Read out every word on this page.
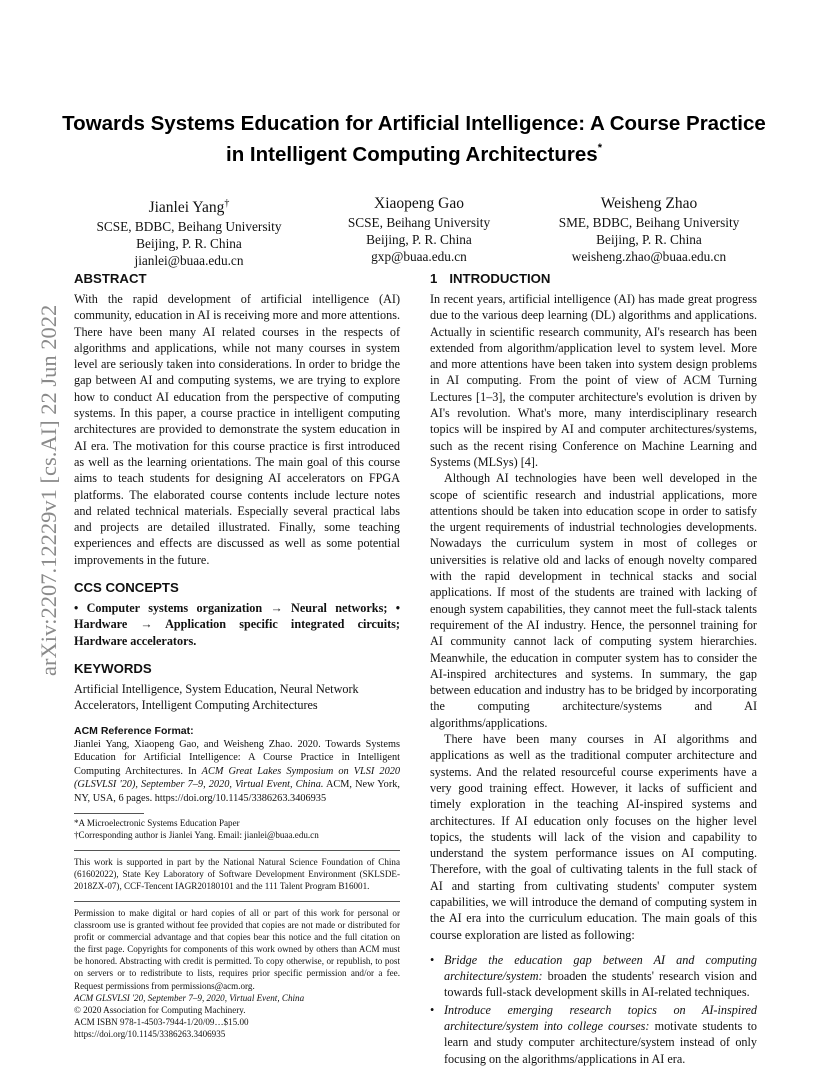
arXiv:2207.12229v1 [cs.AI] 22 Jun 2022
Towards Systems Education for Artificial Intelligence: A Course Practice in Intelligent Computing Architectures*
Jianlei Yang†
SCSE, BDBC, Beihang University
Beijing, P. R. China
jianlei@buaa.edu.cn
Xiaopeng Gao
SCSE, Beihang University
Beijing, P. R. China
gxp@buaa.edu.cn
Weisheng Zhao
SME, BDBC, Beihang University
Beijing, P. R. China
weisheng.zhao@buaa.edu.cn
ABSTRACT

With the rapid development of artificial intelligence (AI) community, education in AI is receiving more and more attentions. There have been many AI related courses in the respects of algorithms and applications, while not many courses in system level are seriously taken into considerations. In order to bridge the gap between AI and computing systems, we are trying to explore how to conduct AI education from the perspective of computing systems. In this paper, a course practice in intelligent computing architectures are provided to demonstrate the system education in AI era. The motivation for this course practice is first introduced as well as the learning orientations. The main goal of this course aims to teach students for designing AI accelerators on FPGA platforms. The elaborated course contents include lecture notes and related technical materials. Especially several practical labs and projects are detailed illustrated. Finally, some teaching experiences and effects are discussed as well as some potential improvements in the future.

CCS CONCEPTS

• Computer systems organization → Neural networks; • Hardware → Application specific integrated circuits; Hardware accelerators.

KEYWORDS

Artificial Intelligence, System Education, Neural Network Accelerators, Intelligent Computing Architectures

ACM Reference Format:

Jianlei Yang, Xiaopeng Gao, and Weisheng Zhao. 2020. Towards Systems Education for Artificial Intelligence: A Course Practice in Intelligent Computing Architectures. In ACM Great Lakes Symposium on VLSI 2020 (GLSVLSI '20), September 7–9, 2020, Virtual Event, China. ACM, New York, NY, USA, 6 pages. https://doi.org/10.1145/3386263.3406935

*A Microelectronic Systems Education Paper
†Corresponding author is Jianlei Yang. Email: jianlei@buaa.edu.cn

This work is supported in part by the National Natural Science Foundation of China (61602022), State Key Laboratory of Software Development Environment (SKLSDE-2018ZX-07), CCF-Tencent IAGR20180101 and the 111 Talent Program B16001.

Permission to make digital or hard copies of all or part of this work for personal or classroom use is granted without fee provided that copies are not made or distributed for profit or commercial advantage and that copies bear this notice and the full citation on the first page. Copyrights for components of this work owned by others than ACM must be honored. Abstracting with credit is permitted. To copy otherwise, or republish, to post on servers or to redistribute to lists, requires prior specific permission and/or a fee. Request permissions from permissions@acm.org.

ACM GLSVLSI '20, September 7–9, 2020, Virtual Event, China
© 2020 Association for Computing Machinery.
ACM ISBN 978-1-4503-7944-1/20/09…$15.00
https://doi.org/10.1145/3386263.3406935
1 INTRODUCTION

In recent years, artificial intelligence (AI) has made great progress due to the various deep learning (DL) algorithms and applications. Actually in scientific research community, AI's research has been extended from algorithm/application level to system level. More and more attentions have been taken into system design problems in AI computing. From the point of view of ACM Turning Lectures [1–3], the computer architecture's evolution is driven by AI's revolution. What's more, many interdisciplinary research topics will be inspired by AI and computer architectures/systems, such as the recent rising Conference on Machine Learning and Systems (MLSys) [4].

Although AI technologies have been well developed in the scope of scientific research and industrial applications, more attentions should be taken into education scope in order to satisfy the urgent requirements of industrial technologies developments. Nowadays the curriculum system in most of colleges or universities is relative old and lacks of enough novelty compared with the rapid development in technical stacks and social applications. If most of the students are trained with lacking of enough system capabilities, they cannot meet the full-stack talents requirement of the AI industry. Hence, the personnel training for AI community cannot lack of computing system hierarchies. Meanwhile, the education in computer system has to consider the AI-inspired architectures and systems. In summary, the gap between education and industry has to be bridged by incorporating the computing architecture/systems and AI algorithms/applications.

There have been many courses in AI algorithms and applications as well as the traditional computer architecture and systems. And the related resourceful course experiments have a very good training effect. However, it lacks of sufficient and timely exploration in the teaching AI-inspired systems and architectures. If AI education only focuses on the higher level topics, the students will lack of the vision and capability to understand the system performance issues on AI computing. Therefore, with the goal of cultivating talents in the full stack of AI and starting from cultivating students' computer system capabilities, we will introduce the demand of computing system in the AI era into the curriculum education. The main goals of this course exploration are listed as following:

• Bridge the education gap between AI and computing architecture/system: broaden the students' research vision and towards full-stack development skills in AI-related techniques.
• Introduce emerging research topics on AI-inspired architecture/system into college courses: motivate students to learn and study computer architecture/system instead of only focusing on the algorithms/applications in AI era.
